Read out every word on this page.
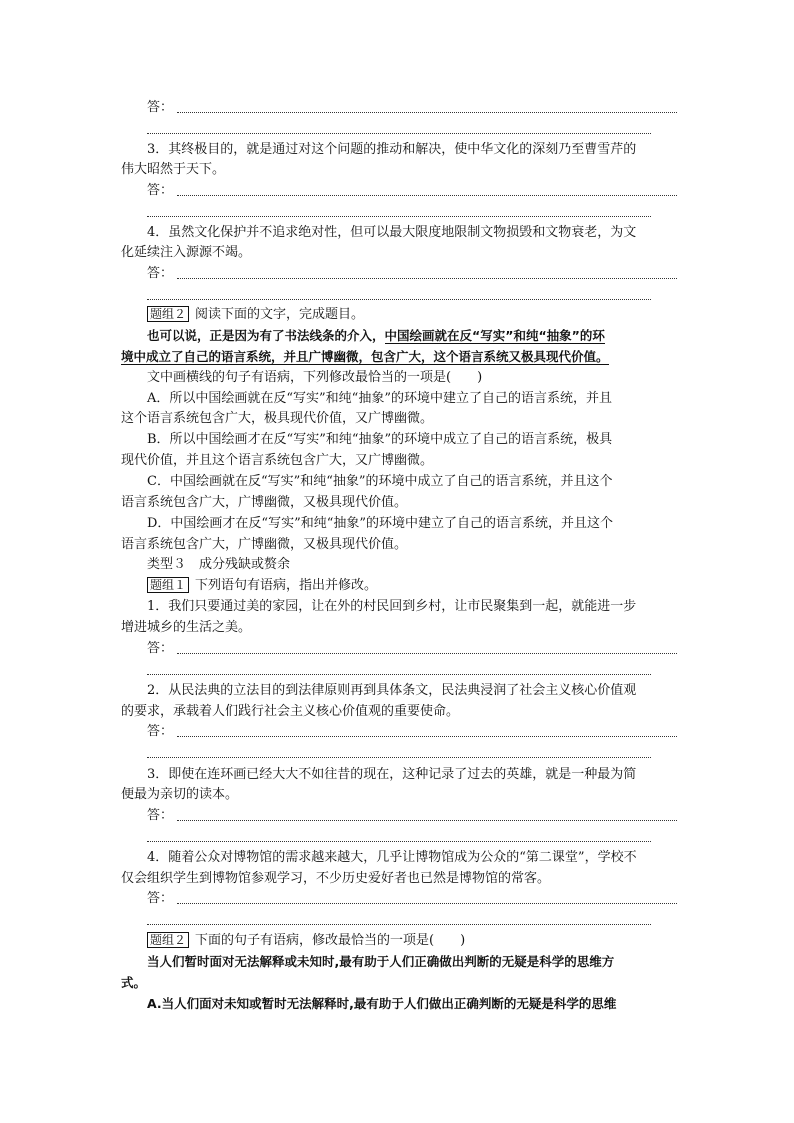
答：
3．其终极目的，就是通过对这个问题的推动和解决，使中华文化的深刻乃至曹雪芹的
伟大昭然于天下。
答：
4．虽然文化保护并不追求绝对性，但可以最大限度地限制文物损毁和文物衰老，为文
化延续注入源源不竭。
答：
题组２ 阅读下面的文字，完成题目。
也可以说，正是因为有了书法线条的介入，中国绘画就在反“写实”和纯“抽象”的环
境中成立了自己的语言系统，并且广博幽微，包含广大，这个语言系统又极具现代价值。
文中画横线的句子有语病，下列修改最恰当的一项是(　　)
A．所以中国绘画就在反“写实”和纯“抽象”的环境中建立了自己的语言系统，并且
这个语言系统包含广大，极具现代价值，又广博幽微。
B．所以中国绘画才在反“写实”和纯“抽象”的环境中成立了自己的语言系统，极具
现代价值，并且这个语言系统包含广大，又广博幽微。
C．中国绘画就在反“写实”和纯“抽象”的环境中成立了自己的语言系统，并且这个
语言系统包含广大，广博幽微，又极具现代价值。
D．中国绘画才在反“写实”和纯“抽象”的环境中建立了自己的语言系统，并且这个
语言系统包含广大，广博幽微，又极具现代价值。
类型３　成分残缺或赘余
题组１ 下列语句有语病，指出并修改。
1．我们只要通过美的家园，让在外的村民回到乡村，让市民聚集到一起，就能进一步
增进城乡的生活之美。
答：
2．从民法典的立法目的到法律原则再到具体条文，民法典浸润了社会主义核心价值观
的要求，承载着人们践行社会主义核心价值观的重要使命。
答：
3．即使在连环画已经大大不如往昔的现在，这种记录了过去的英雄，就是一种最为简
便最为亲切的读本。
答：
4．随着公众对博物馆的需求越来越大，几乎让博物馆成为公众的“第二课堂”，学校不
仅会组织学生到博物馆参观学习，不少历史爱好者也已然是博物馆的常客。
答：
题组２ 下面的句子有语病，修改最恰当的一项是(　　)
当人们暂时面对无法解释或未知时,最有助于人们正确做出判断的无疑是科学的思维方
式。
A.当人们面对未知或暂时无法解释时,最有助于人们做出正确判断的无疑是科学的思维
